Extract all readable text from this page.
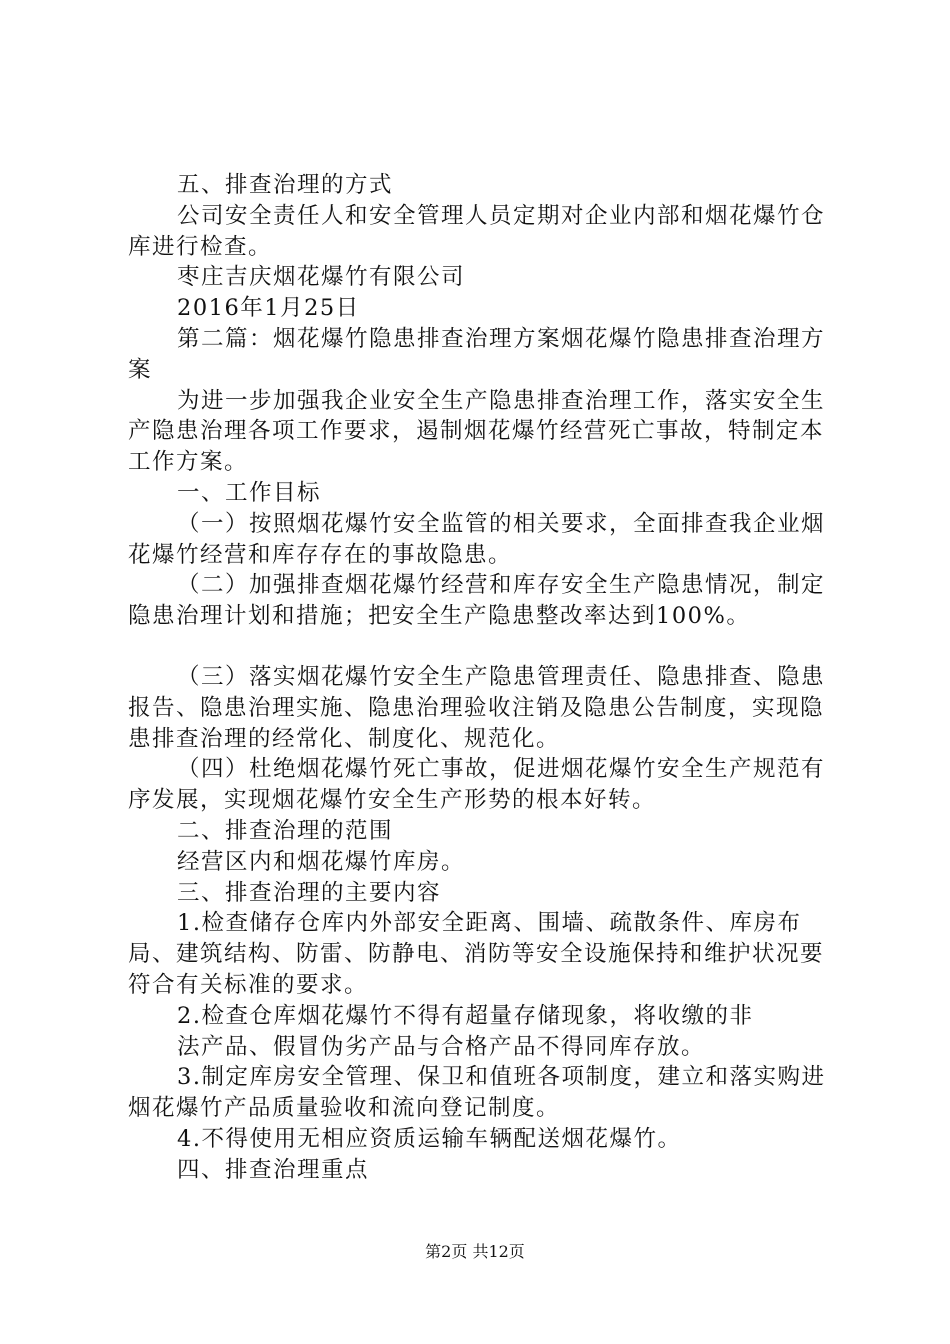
五、排查治理的方式

公司安全责任人和安全管理人员定期对企业内部和烟花爆竹仓库进行检查。

枣庄吉庆烟花爆竹有限公司

2016年1月25日

第二篇：烟花爆竹隐患排查治理方案烟花爆竹隐患排查治理方案

为进一步加强我企业安全生产隐患排查治理工作，落实安全生产隐患治理各项工作要求，遏制烟花爆竹经营死亡事故，特制定本工作方案。

一、工作目标

（一）按照烟花爆竹安全监管的相关要求，全面排查我企业烟花爆竹经营和库存存在的事故隐患。

（二）加强排查烟花爆竹经营和库存安全生产隐患情况，制定隐患治理计划和措施；把安全生产隐患整改率达到100%。

（三）落实烟花爆竹安全生产隐患管理责任、隐患排查、隐患报告、隐患治理实施、隐患治理验收注销及隐患公告制度，实现隐患排查治理的经常化、制度化、规范化。

（四）杜绝烟花爆竹死亡事故，促进烟花爆竹安全生产规范有序发展，实现烟花爆竹安全生产形势的根本好转。

二、排查治理的范围

经营区内和烟花爆竹库房。

三、排查治理的主要内容

1.检查储存仓库内外部安全距离、围墙、疏散条件、库房布局、建筑结构、防雷、防静电、消防等安全设施保持和维护状况要符合有关标准的要求。

2.检查仓库烟花爆竹不得有超量存储现象，将收缴的非

法产品、假冒伪劣产品与合格产品不得同库存放。

3.制定库房安全管理、保卫和值班各项制度，建立和落实购进烟花爆竹产品质量验收和流向登记制度。

4.不得使用无相应资质运输车辆配送烟花爆竹。

四、排查治理重点

第2页 共12页
